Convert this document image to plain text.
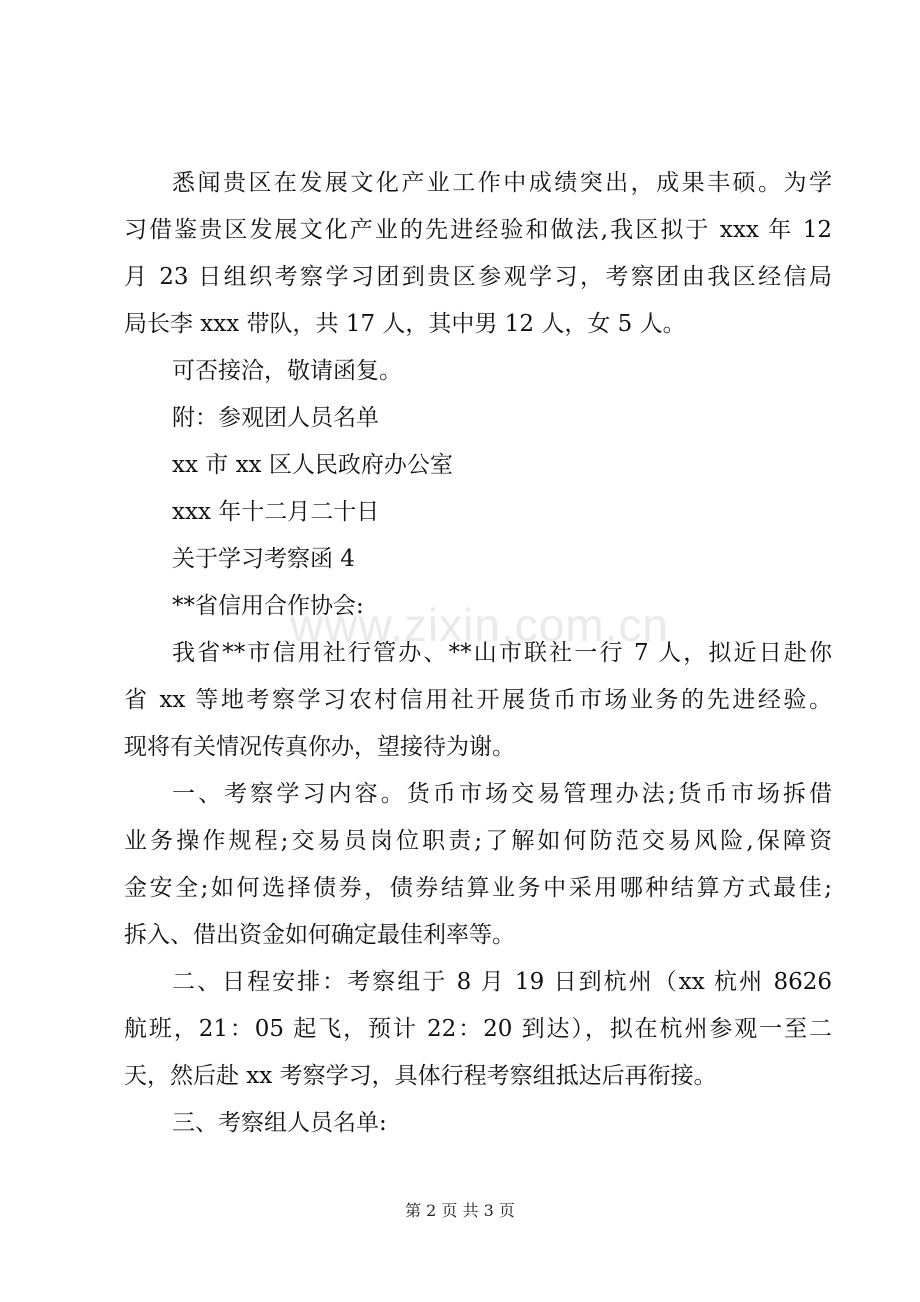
www.zixin.com.cn
悉闻贵区在发展文化产业工作中成绩突出，成果丰硕。为学
习借鉴贵区发展文化产业的先进经验和做法,我区拟于 xxx 年 12
月 23 日组织考察学习团到贵区参观学习，考察团由我区经信局
局长李 xxx 带队，共 17 人，其中男 12 人，女 5 人。
可否接洽，敬请函复。
附：参观团人员名单
xx 市 xx 区人民政府办公室
xxx 年十二月二十日
关于学习考察函 4
**省信用合作协会:
我省**市信用社行管办、**山市联社一行 7 人，拟近日赴你
省 xx 等地考察学习农村信用社开展货币市场业务的先进经验。
现将有关情况传真你办，望接待为谢。
一、考察学习内容。货币市场交易管理办法;货币市场拆借
业务操作规程;交易员岗位职责;了解如何防范交易风险,保障资
金安全;如何选择债券，债券结算业务中采用哪种结算方式最佳;
拆入、借出资金如何确定最佳利率等。
二、日程安排：考察组于 8 月 19 日到杭州（xx 杭州 8626
航班，21：05 起飞，预计 22：20 到达），拟在杭州参观一至二
天，然后赴 xx 考察学习，具体行程考察组抵达后再衔接。
三、考察组人员名单:
第 2 页 共 3 页
